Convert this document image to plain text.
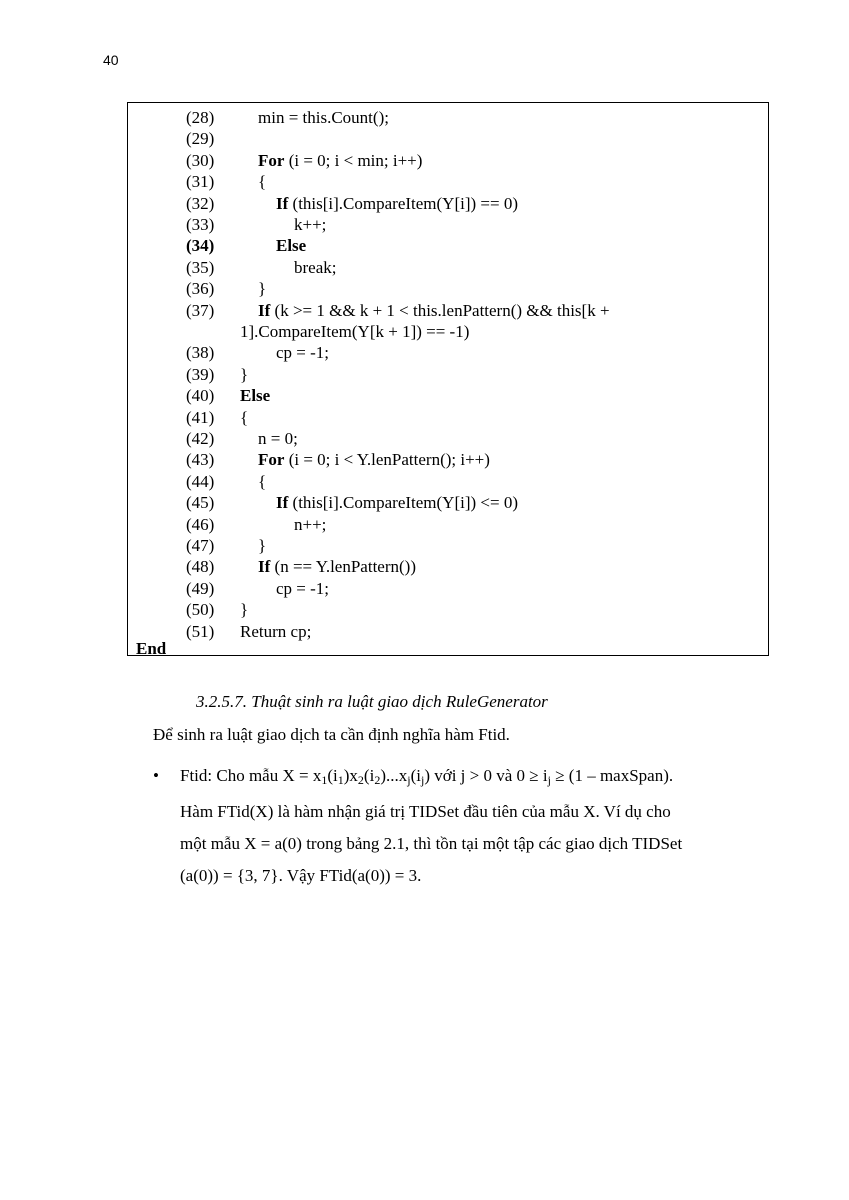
40
(28)	min = this.Count();
(29)
(30)	For (i = 0; i < min; i++)
(31)	{
(32)	If (this[i].CompareItem(Y[i]) == 0)
(33)	k++;
(34)	Else
(35)	break;
(36)	}
(37)	If (k >= 1 && k + 1 < this.lenPattern() && this[k +
1].CompareItem(Y[k + 1]) == -1)
(38)	cp = -1;
(39) }
(40) Else
(41) {
(42)	n = 0;
(43)	For (i = 0; i < Y.lenPattern(); i++)
(44)	{
(45)	If (this[i].CompareItem(Y[i]) <= 0)
(46)	n++;
(47)	}
(48)	If (n == Y.lenPattern())
(49)	cp = -1;
(50) }
(51) Return cp;
End
3.2.5.7. Thuật sinh ra luật giao dịch RuleGenerator
Để sinh ra luật giao dịch ta cần định nghĩa hàm Ftid.
• Ftid: Cho mẫu $X = x_1(i_1)x_2(i_2)...x_j(i_j)$ với j > 0 và $0 \ge i_j \ge (1$ – maxSpan).
Hàm FTid(X) là hàm nhận giá trị TIDSet đầu tiên của mẫu X. Ví dụ cho
một mẫu X = a(0) trong bảng 2.1, thì tồn tại một tập các giao dịch TIDSet
(a(0)) = {3, 7}. Vậy FTid(a(0)) = 3.
